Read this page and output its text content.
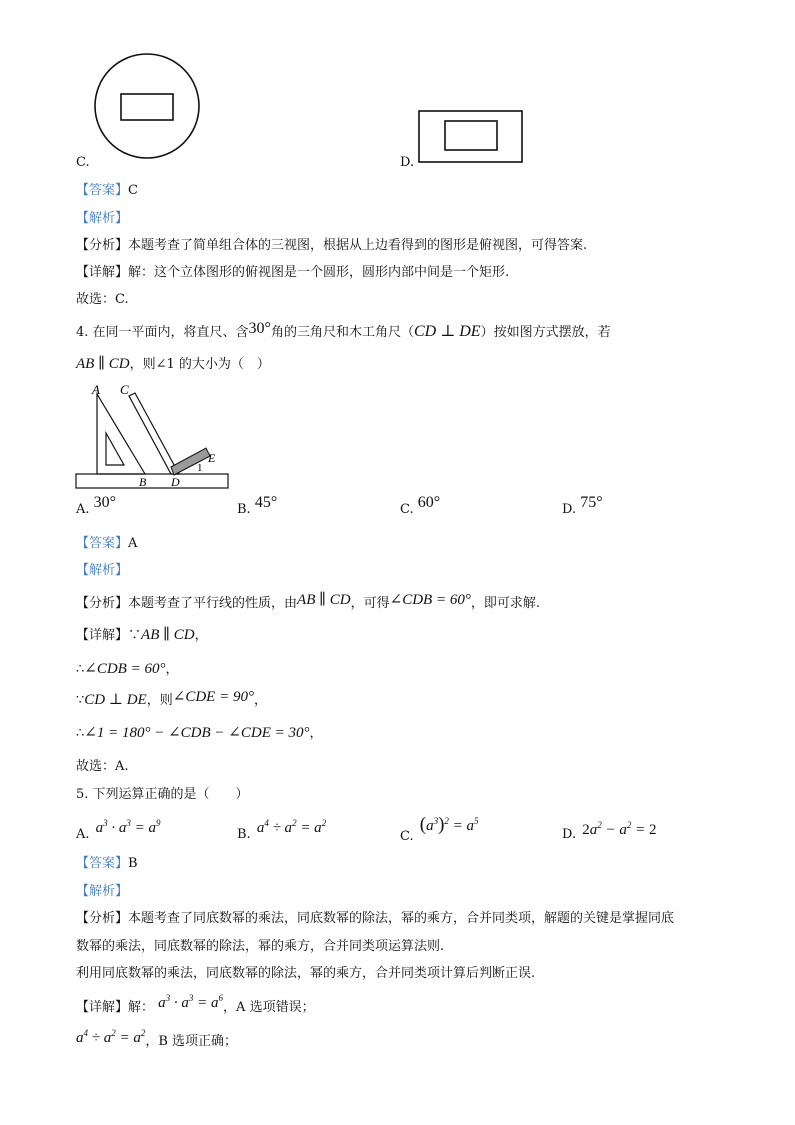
C.	D.
【答案】C
【解析】
【分析】本题考查了简单组合体的三视图，根据从上边看得到的图形是俯视图，可得答案.
【详解】解：这个立体图形的俯视图是一个圆形，圆形内部中间是一个矩形.
故选：C.
4. 在同一平面内，将直尺、含30°角的三角尺和木工角尺（CD ⊥ DE）按如图方式摆放，若
AB ∥ CD，则∠1 的大小为（　）
A C
B D
E
1
A. 30°	B. 45°	C. 60°	D. 75°
【答案】A
【解析】
【分析】本题考查了平行线的性质，由AB ∥ CD，可得∠CDB = 60°，即可求解.
【详解】∵AB ∥ CD，
∴∠CDB = 60°，
∵CD ⊥ DE，则∠CDE = 90°，
∴∠1 = 180° − ∠CDB − ∠CDE = 30°，
故选：A.
5. 下列运算正确的是（　　）
A. $a^3 \cdot a^3 = a^9$
B. $a^4 \div a^2 = a^2$
C. $(a^3)^2 = a^5$
D. $2a^2 - a^2 = 2$
【答案】B
【解析】
【分析】本题考查了同底数幂的乘法，同底数幂的除法，幂的乘方，合并同类项，解题的关键是掌握同底
数幂的乘法，同底数幂的除法，幂的乘方，合并同类项运算法则.
利用同底数幂的乘法，同底数幂的除法，幂的乘方，合并同类项计算后判断正误.
【详解】解： $a^3 \cdot a^3 = a^6$，A 选项错误；
$a^4 \div a^2 = a^2$，B 选项正确；
